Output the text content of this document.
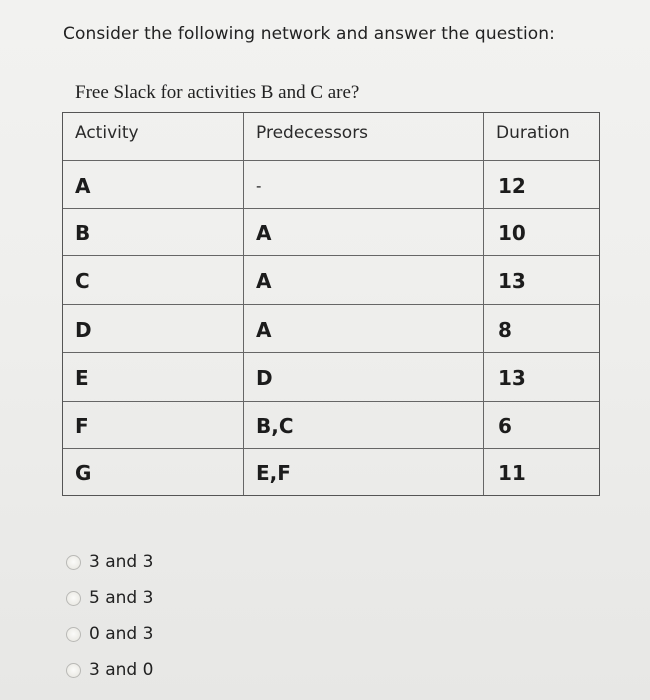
Consider the following network and answer the question:
Free Slack for activities B and C are?
Activity	Predecessors	Duration
A	-	12
B	A	10
C	A	13
D	A	8
E	D	13
F	B,C	6
G	E,F	11
3 and 3
5 and 3
0 and 3
3 and 0
